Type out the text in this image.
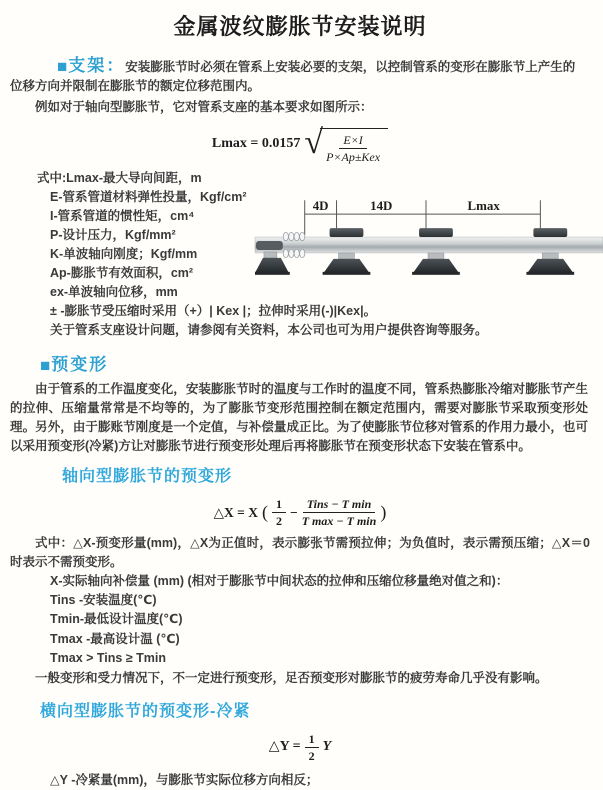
金属波纹膨胀节安装说明

■支架：安装膨胀节时必须在管系上安装必要的支架，以控制管系的变形在膨胀节上产生的位移方向并限制在膨胀节的额定位移范围内。

例如对于轴向型膨胀节，它对管系支座的基本要求如图所示：

Lmax = 0.0157 √ $\frac{E\times I}{\text{P×Ap±Kex}}$
式中:Lmax-最大导向间距，m
E-管系管道材料弹性投量，Kgf/cm²
I-管系管道的惯性矩，cm⁴
P-设计压力，Kgf/mm²
K-单波轴向刚度；Kgf/mm
Ap-膨胀节有效面积，cm²
ex-单波轴向位移，mm
4D	14D	Lmax

± -膨胀节受压缩时采用（+）| Kex |；拉伸时采用(-)|Kex|。

关于管系支座设计问题，请参阅有关资料，本公司也可为用户提供咨询等服务。

■预变形

由于管系的工作温度变化，安装膨胀节时的温度与工作时的温度不同，管系热膨胀冷缩对膨胀节产生的拉伸、压缩量常常是不均等的，为了膨胀节变形范围控制在额定范围内，需要对膨胀节采取预变形处理。另外，由于膨账节刚度是一个定值，与补偿量成正比。为了使膨胀节位移对管系的作用力最小，也可以采用预变形(冷紧)方让对膨胀节进行预变形处理后再将膨胀节在预变形状态下安装在管系中。

轴向型膨胀节的预变形

△X = X ( $\frac{1}{2} - \frac{\text{Tins − T min}}{\text{T max − T min}}$ )

式中：△X-预变形量(mm)，△X为正值时，表示膨张节需预拉伸；为负值时，表示需预压缩；△X＝0时表示不需预变形。

X-实际轴向补偿量 (mm) (相对于膨胀节中间状态的拉伸和压缩位移量绝对值之和)：

Tins -安装温度(℃)
Tmin-最低设计温度(℃)
Tmax -最高设计温 (℃)
Tmax > Tins ≥ Tmin

一般变形和受力情况下，不一定进行预变形，足否预变形对膨胀节的疲劳寿命几乎没有影响。

横向型膨胀节的预变形-冷紧

△Y = $\frac{1}{2}$ Y

△Y -冷紧量(mm)，与膨胀节实际位移方向相反；
